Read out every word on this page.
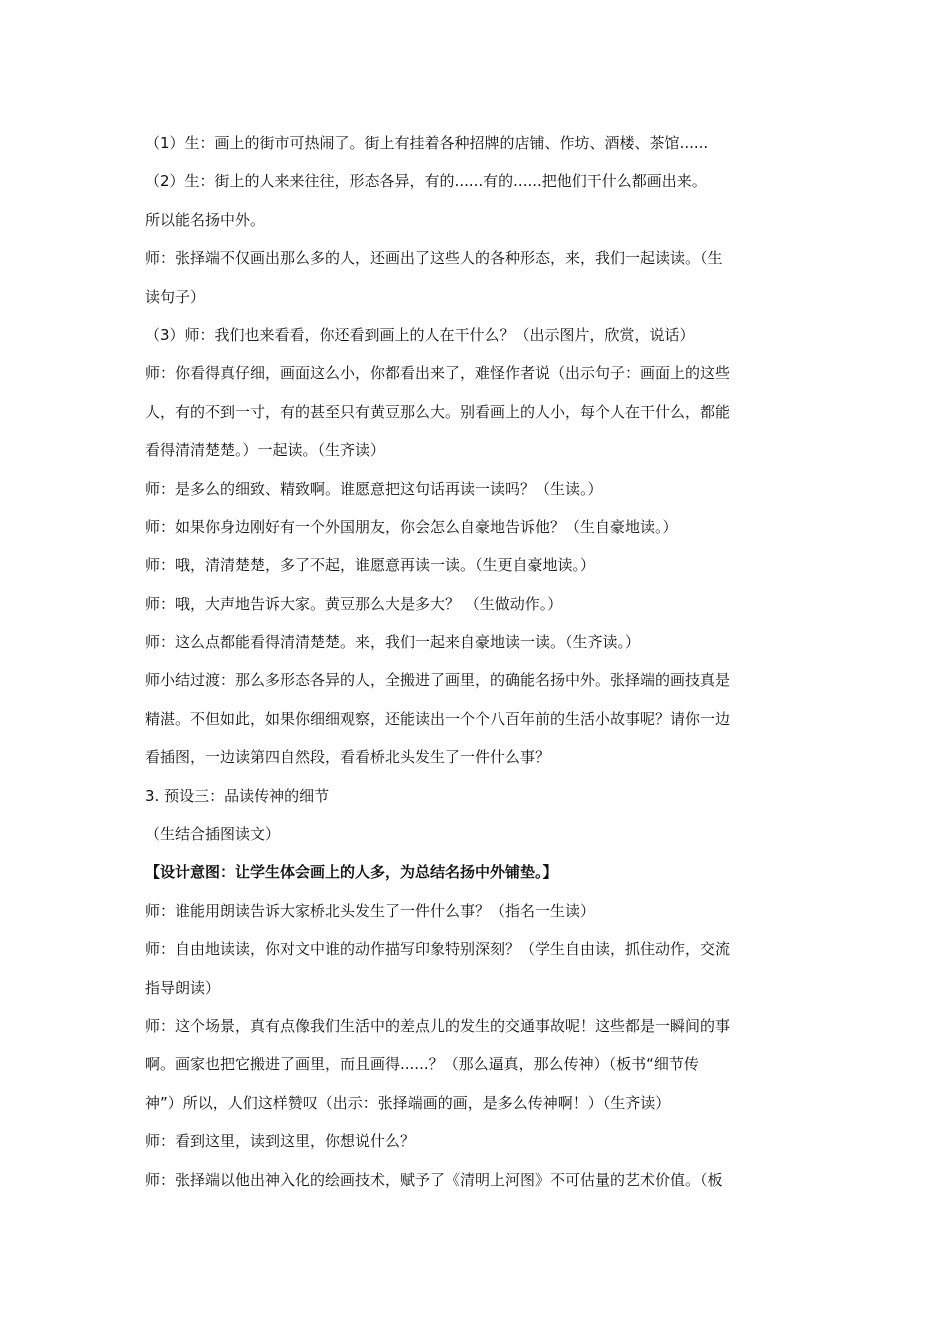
（1）生：画上的街市可热闹了。街上有挂着各种招牌的店铺、作坊、酒楼、茶馆......
（2）生：街上的人来来往往，形态各异，有的......有的......把他们干什么都画出来。
所以能名扬中外。
师：张择端不仅画出那么多的人，还画出了这些人的各种形态，来，我们一起读读。（生
读句子）
（3）师：我们也来看看，你还看到画上的人在干什么？（出示图片，欣赏，说话）
师：你看得真仔细，画面这么小，你都看出来了，难怪作者说（出示句子：画面上的这些
人，有的不到一寸，有的甚至只有黄豆那么大。别看画上的人小，每个人在干什么，都能
看得清清楚楚。）一起读。（生齐读）
师：是多么的细致、精致啊。谁愿意把这句话再读一读吗？（生读。）
师：如果你身边刚好有一个外国朋友，你会怎么自豪地告诉他？（生自豪地读。）
师：哦，清清楚楚，多了不起，谁愿意再读一读。（生更自豪地读。）
师：哦，大声地告诉大家。黄豆那么大是多大？ （生做动作。）
师：这么点都能看得清清楚楚。来，我们一起来自豪地读一读。（生齐读。）
师小结过渡：那么多形态各异的人，全搬进了画里，的确能名扬中外。张择端的画技真是
精湛。不但如此，如果你细细观察，还能读出一个个八百年前的生活小故事呢？请你一边
看插图，一边读第四自然段，看看桥北头发生了一件什么事？
3. 预设三：品读传神的细节
（生结合插图读文）
【设计意图：让学生体会画上的人多，为总结名扬中外铺垫。】
师：谁能用朗读告诉大家桥北头发生了一件什么事？（指名一生读）
师：自由地读读，你对文中谁的动作描写印象特别深刻？（学生自由读，抓住动作，交流
指导朗读）
师：这个场景，真有点像我们生活中的差点儿的发生的交通事故呢！这些都是一瞬间的事
啊。画家也把它搬进了画里，而且画得......？（那么逼真，那么传神）（板书“细节传
神”）所以，人们这样赞叹（出示：张择端画的画，是多么传神啊！）（生齐读）
师：看到这里，读到这里，你想说什么？
师：张择端以他出神入化的绘画技术，赋予了《清明上河图》不可估量的艺术价值。（板
